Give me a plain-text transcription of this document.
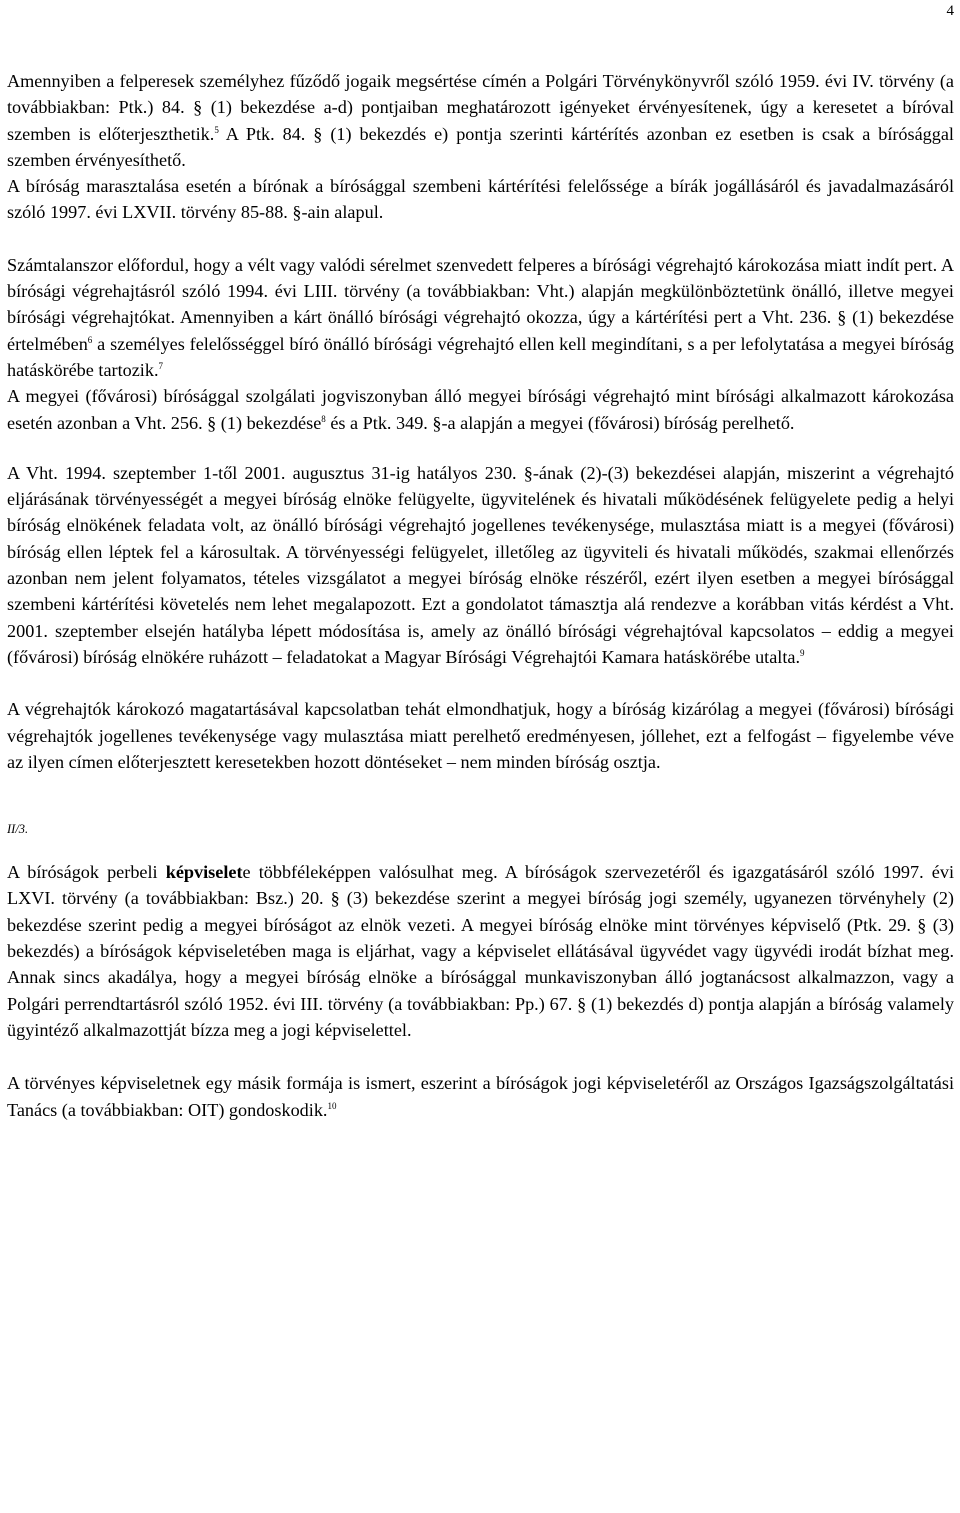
4

Amennyiben a felperesek személyhez fűződő jogaik megsértése címén a Polgári Törvénykönyvről szóló 1959. évi IV. törvény (a továbbiakban: Ptk.) 84. § (1) bekezdése a-d) pontjaiban meghatározott igényeket érvényesítenek, úgy a keresetet a bíróval szemben is előterjeszthetik.$^5$ A Ptk. 84. § (1) bekezdés e) pontja szerinti kártérítés azonban ez esetben is csak a bírósággal szemben érvényesíthető.
A bíróság marasztalása esetén a bírónak a bírósággal szembeni kártérítési felelőssége a bírák jogállásáról és javadalmazásáról szóló 1997. évi LXVII. törvény 85-88. §-ain alapul.

Számtalanszor előfordul, hogy a vélt vagy valódi sérelmet szenvedett felperes a bírósági végrehajtó károkozása miatt indít pert. A bírósági végrehajtásról szóló 1994. évi LIII. törvény (a továbbiakban: Vht.) alapján megkülönböztetünk önálló, illetve megyei bírósági végrehajtókat. Amennyiben a kárt önálló bírósági végrehajtó okozza, úgy a kártérítési pert a Vht. 236. § (1) bekezdése értelmében$^6$ a személyes felelősséggel bíró önálló bírósági végrehajtó ellen kell megindítani, s a per lefolytatása a megyei bíróság hatáskörébe tartozik.$^7$
A megyei (fővárosi) bírósággal szolgálati jogviszonyban álló megyei bírósági végrehajtó mint bírósági alkalmazott károkozása esetén azonban a Vht. 256. § (1) bekezdése$^8$ és a Ptk. 349. §-a alapján a megyei (fővárosi) bíróság perelhető.

A Vht. 1994. szeptember 1-től 2001. augusztus 31-ig hatályos 230. §-ának (2)-(3) bekezdései alapján, miszerint a végrehajtó eljárásának törvényességét a megyei bíróság elnöke felügyelte, ügyvitelének és hivatali működésének felügyelete pedig a helyi bíróság elnökének feladata volt, az önálló bírósági végrehajtó jogellenes tevékenysége, mulasztása miatt is a megyei (fővárosi) bíróság ellen léptek fel a károsultak. A törvényességi felügyelet, illetőleg az ügyviteli és hivatali működés, szakmai ellenőrzés azonban nem jelent folyamatos, tételes vizsgálatot a megyei bíróság elnöke részéről, ezért ilyen esetben a megyei bírósággal szembeni kártérítési követelés nem lehet megalapozott. Ezt a gondolatot támasztja alá rendezve a korábban vitás kérdést a Vht. 2001. szeptember elsején hatályba lépett módosítása is, amely az önálló bírósági végrehajtóval kapcsolatos – eddig a megyei (fővárosi) bíróság elnökére ruházott – feladatokat a Magyar Bírósági Végrehajtói Kamara hatáskörébe utalta.$^9$

A végrehajtók károkozó magatartásával kapcsolatban tehát elmondhatjuk, hogy a bíróság kizárólag a megyei (fővárosi) bírósági végrehajtók jogellenes tevékenysége vagy mulasztása miatt perelhető eredményesen, jóllehet, ezt a felfogást – figyelembe véve az ilyen címen előterjesztett keresetekben hozott döntéseket – nem minden bíróság osztja.

II/3.

A bíróságok perbeli képviselete többféleképpen valósulhat meg. A bíróságok szervezetéről és igazgatásáról szóló 1997. évi LXVI. törvény (a továbbiakban: Bsz.) 20. § (3) bekezdése szerint a megyei bíróság jogi személy, ugyanezen törvényhely (2) bekezdése szerint pedig a megyei bíróságot az elnök vezeti. A megyei bíróság elnöke mint törvényes képviselő (Ptk. 29. § (3) bekezdés) a bíróságok képviseletében maga is eljárhat, vagy a képviselet ellátásával ügyvédet vagy ügyvédi irodát bízhat meg. Annak sincs akadálya, hogy a megyei bíróság elnöke a bírósággal munkaviszonyban álló jogtanácsost alkalmazzon, vagy a Polgári perrendtartásról szóló 1952. évi III. törvény (a továbbiakban: Pp.) 67. § (1) bekezdés d) pontja alapján a bíróság valamely ügyintéző alkalmazottját bízza meg a jogi képviselettel.

A törvényes képviseletnek egy másik formája is ismert, eszerint a bíróságok jogi képviseletéről az Országos Igazságszolgáltatási Tanács (a továbbiakban: OIT) gondoskodik.$^{10}$
